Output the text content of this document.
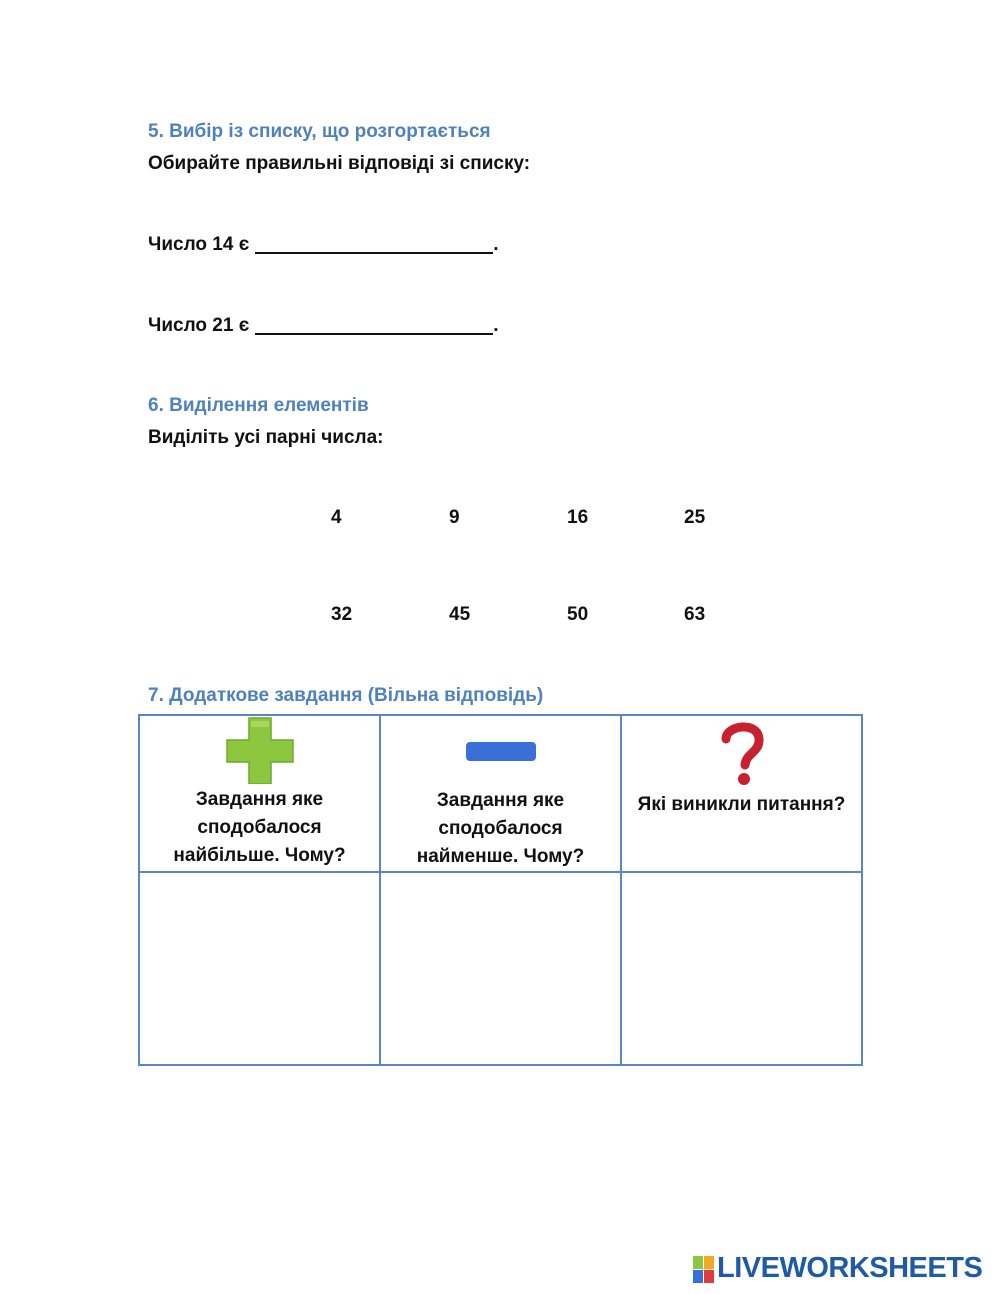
5. Вибір із списку, що розгортається
Обирайте правильні відповіді зі списку:
Число 14 є	.
Число 21 є	.
6. Виділення елементів
Виділіть усі парні числа:
4	9	16	25
32	45	50	63
7. Додаткове завдання (Вільна відповідь)
Завдання яке
сподобалося
найбільше. Чому?	Завдання яке
сподобалося
найменше. Чому?	Які виникли питання?

LIVEWORKSHEETS
